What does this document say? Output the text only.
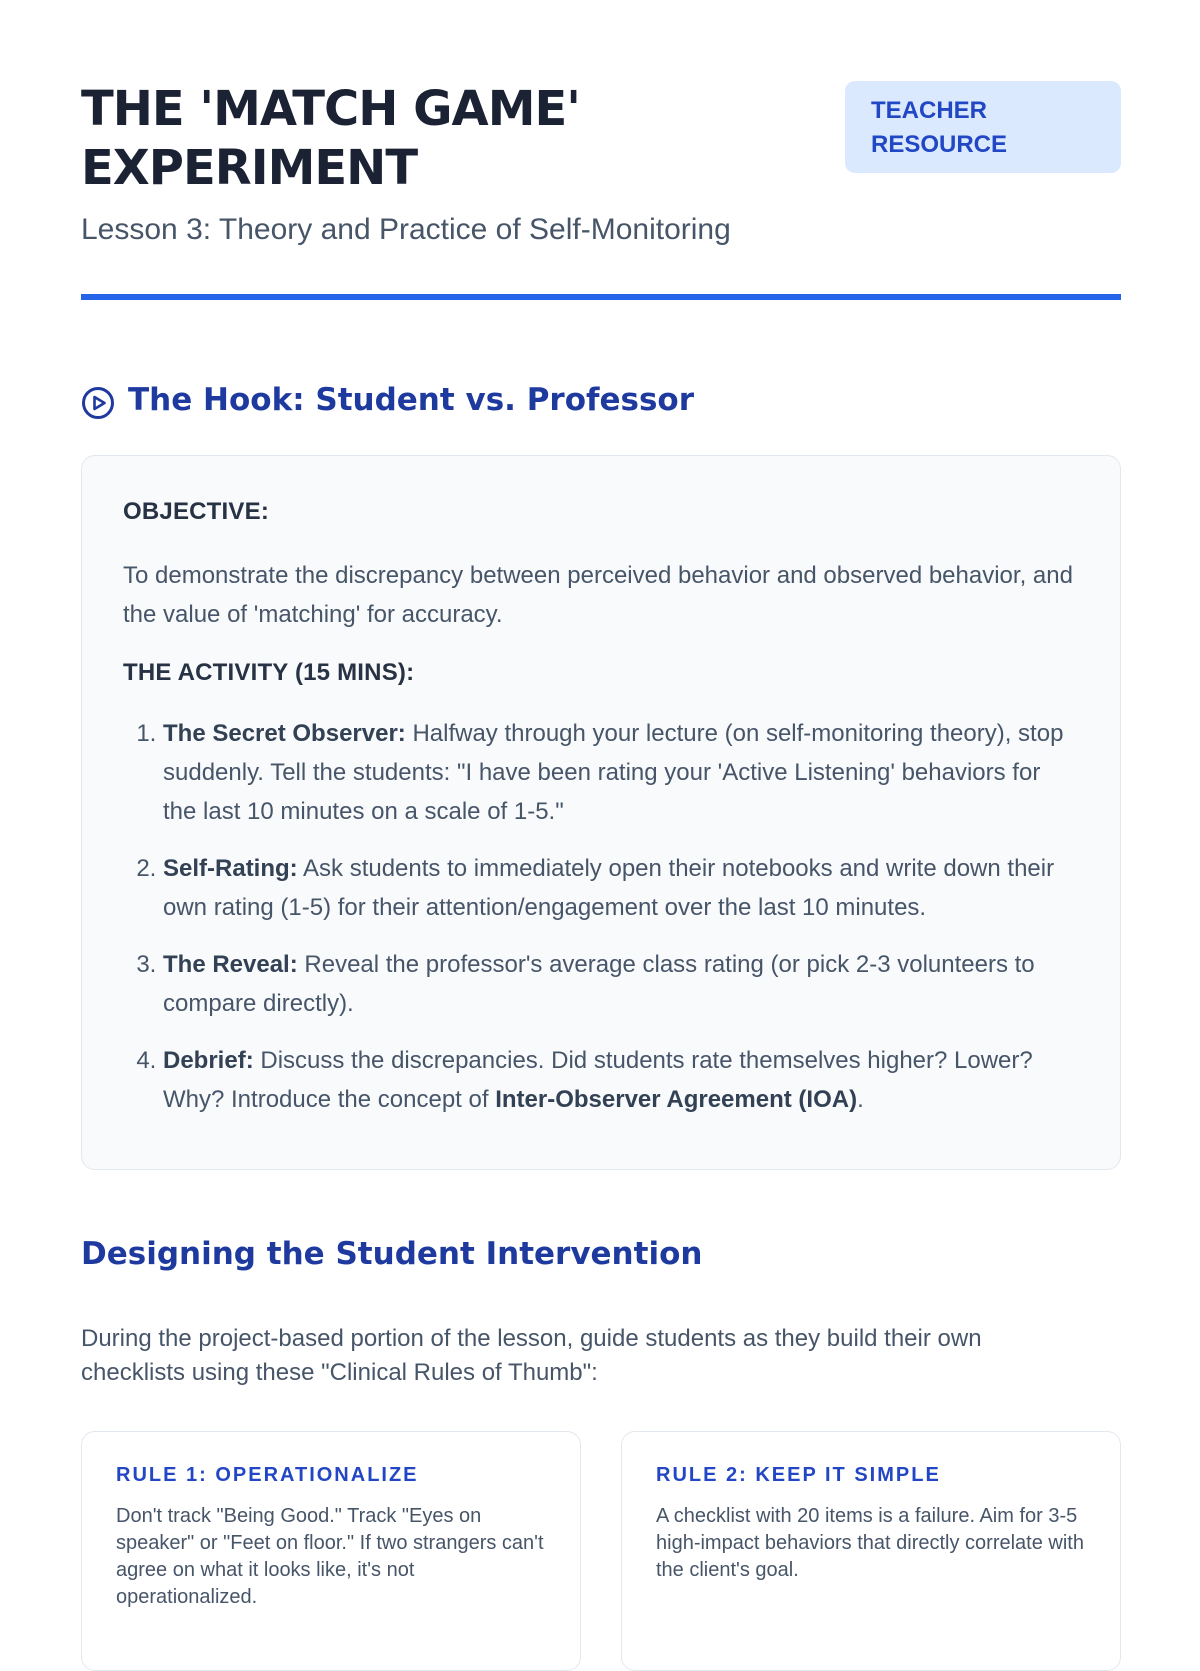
THE 'MATCH GAME'
EXPERIMENT
TEACHER
RESOURCE
Lesson 3: Theory and Practice of Self-Monitoring
The Hook: Student vs. Professor

OBJECTIVE:

To demonstrate the discrepancy between perceived behavior and observed behavior, and the value of 'matching' for accuracy.

THE ACTIVITY (15 MINS):

1. The Secret Observer: Halfway through your lecture (on self-monitoring theory), stop suddenly. Tell the students: "I have been rating your 'Active Listening' behaviors for the last 10 minutes on a scale of 1-5."
2. Self-Rating: Ask students to immediately open their notebooks and write down their own rating (1-5) for their attention/engagement over the last 10 minutes.
3. The Reveal: Reveal the professor's average class rating (or pick 2-3 volunteers to compare directly).
4. Debrief: Discuss the discrepancies. Did students rate themselves higher? Lower? Why? Introduce the concept of Inter-Observer Agreement (IOA).
Designing the Student Intervention

During the project-based portion of the lesson, guide students as they build their own checklists using these "Clinical Rules of Thumb":

RULE 1: OPERATIONALIZE

Don't track "Being Good." Track "Eyes on speaker" or "Feet on floor." If two strangers can't agree on what it looks like, it's not operationalized.

RULE 2: KEEP IT SIMPLE

A checklist with 20 items is a failure. Aim for 3-5 high-impact behaviors that directly correlate with the client's goal.
